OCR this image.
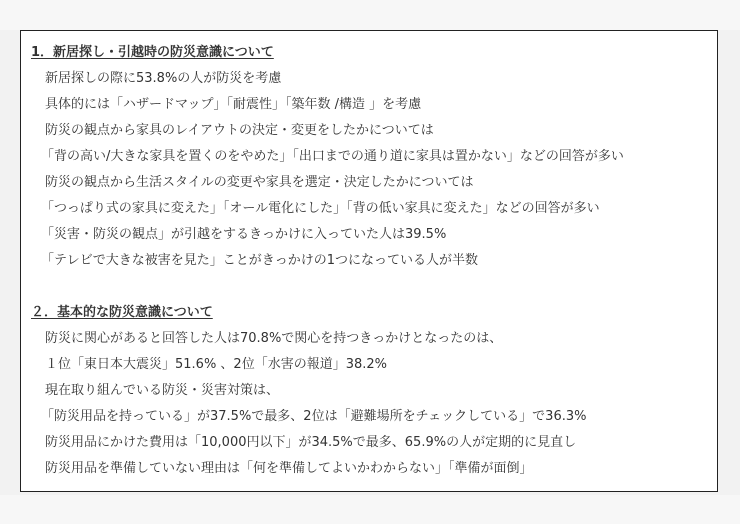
1．新居探し・引越時の防災意識について
新居探しの際に53.8%の人が防災を考慮
具体的には「ハザードマップ」「耐震性」「築年数 /構造 」を考慮
防災の観点から家具のレイアウトの決定・変更をしたかについては
「背の高い/大きな家具を置くのをやめた」「出口までの通り道に家具は置かない」などの回答が多い
防災の観点から生活スタイルの変更や家具を選定・決定したかについては
「つっぱり式の家具に変えた」「オール電化にした」「背の低い家具に変えた」などの回答が多い
「災害・防災の観点」が引越をするきっかけに入っていた人は39.5%
「テレビで大きな被害を見た」ことがきっかけの1つになっている人が半数
２．基本的な防災意識について
防災に関心があると回答した人は70.8%で関心を持つきっかけとなったのは、
１位「東日本大震災」51.6% 、2位「水害の報道」38.2%
現在取り組んでいる防災・災害対策は、
「防災用品を持っている」が37.5%で最多、2位は「避難場所をチェックしている」で36.3%
防災用品にかけた費用は「10,000円以下」が34.5%で最多、65.9%の人が定期的に見直し
防災用品を準備していない理由は「何を準備してよいかわからない」「準備が面倒」
